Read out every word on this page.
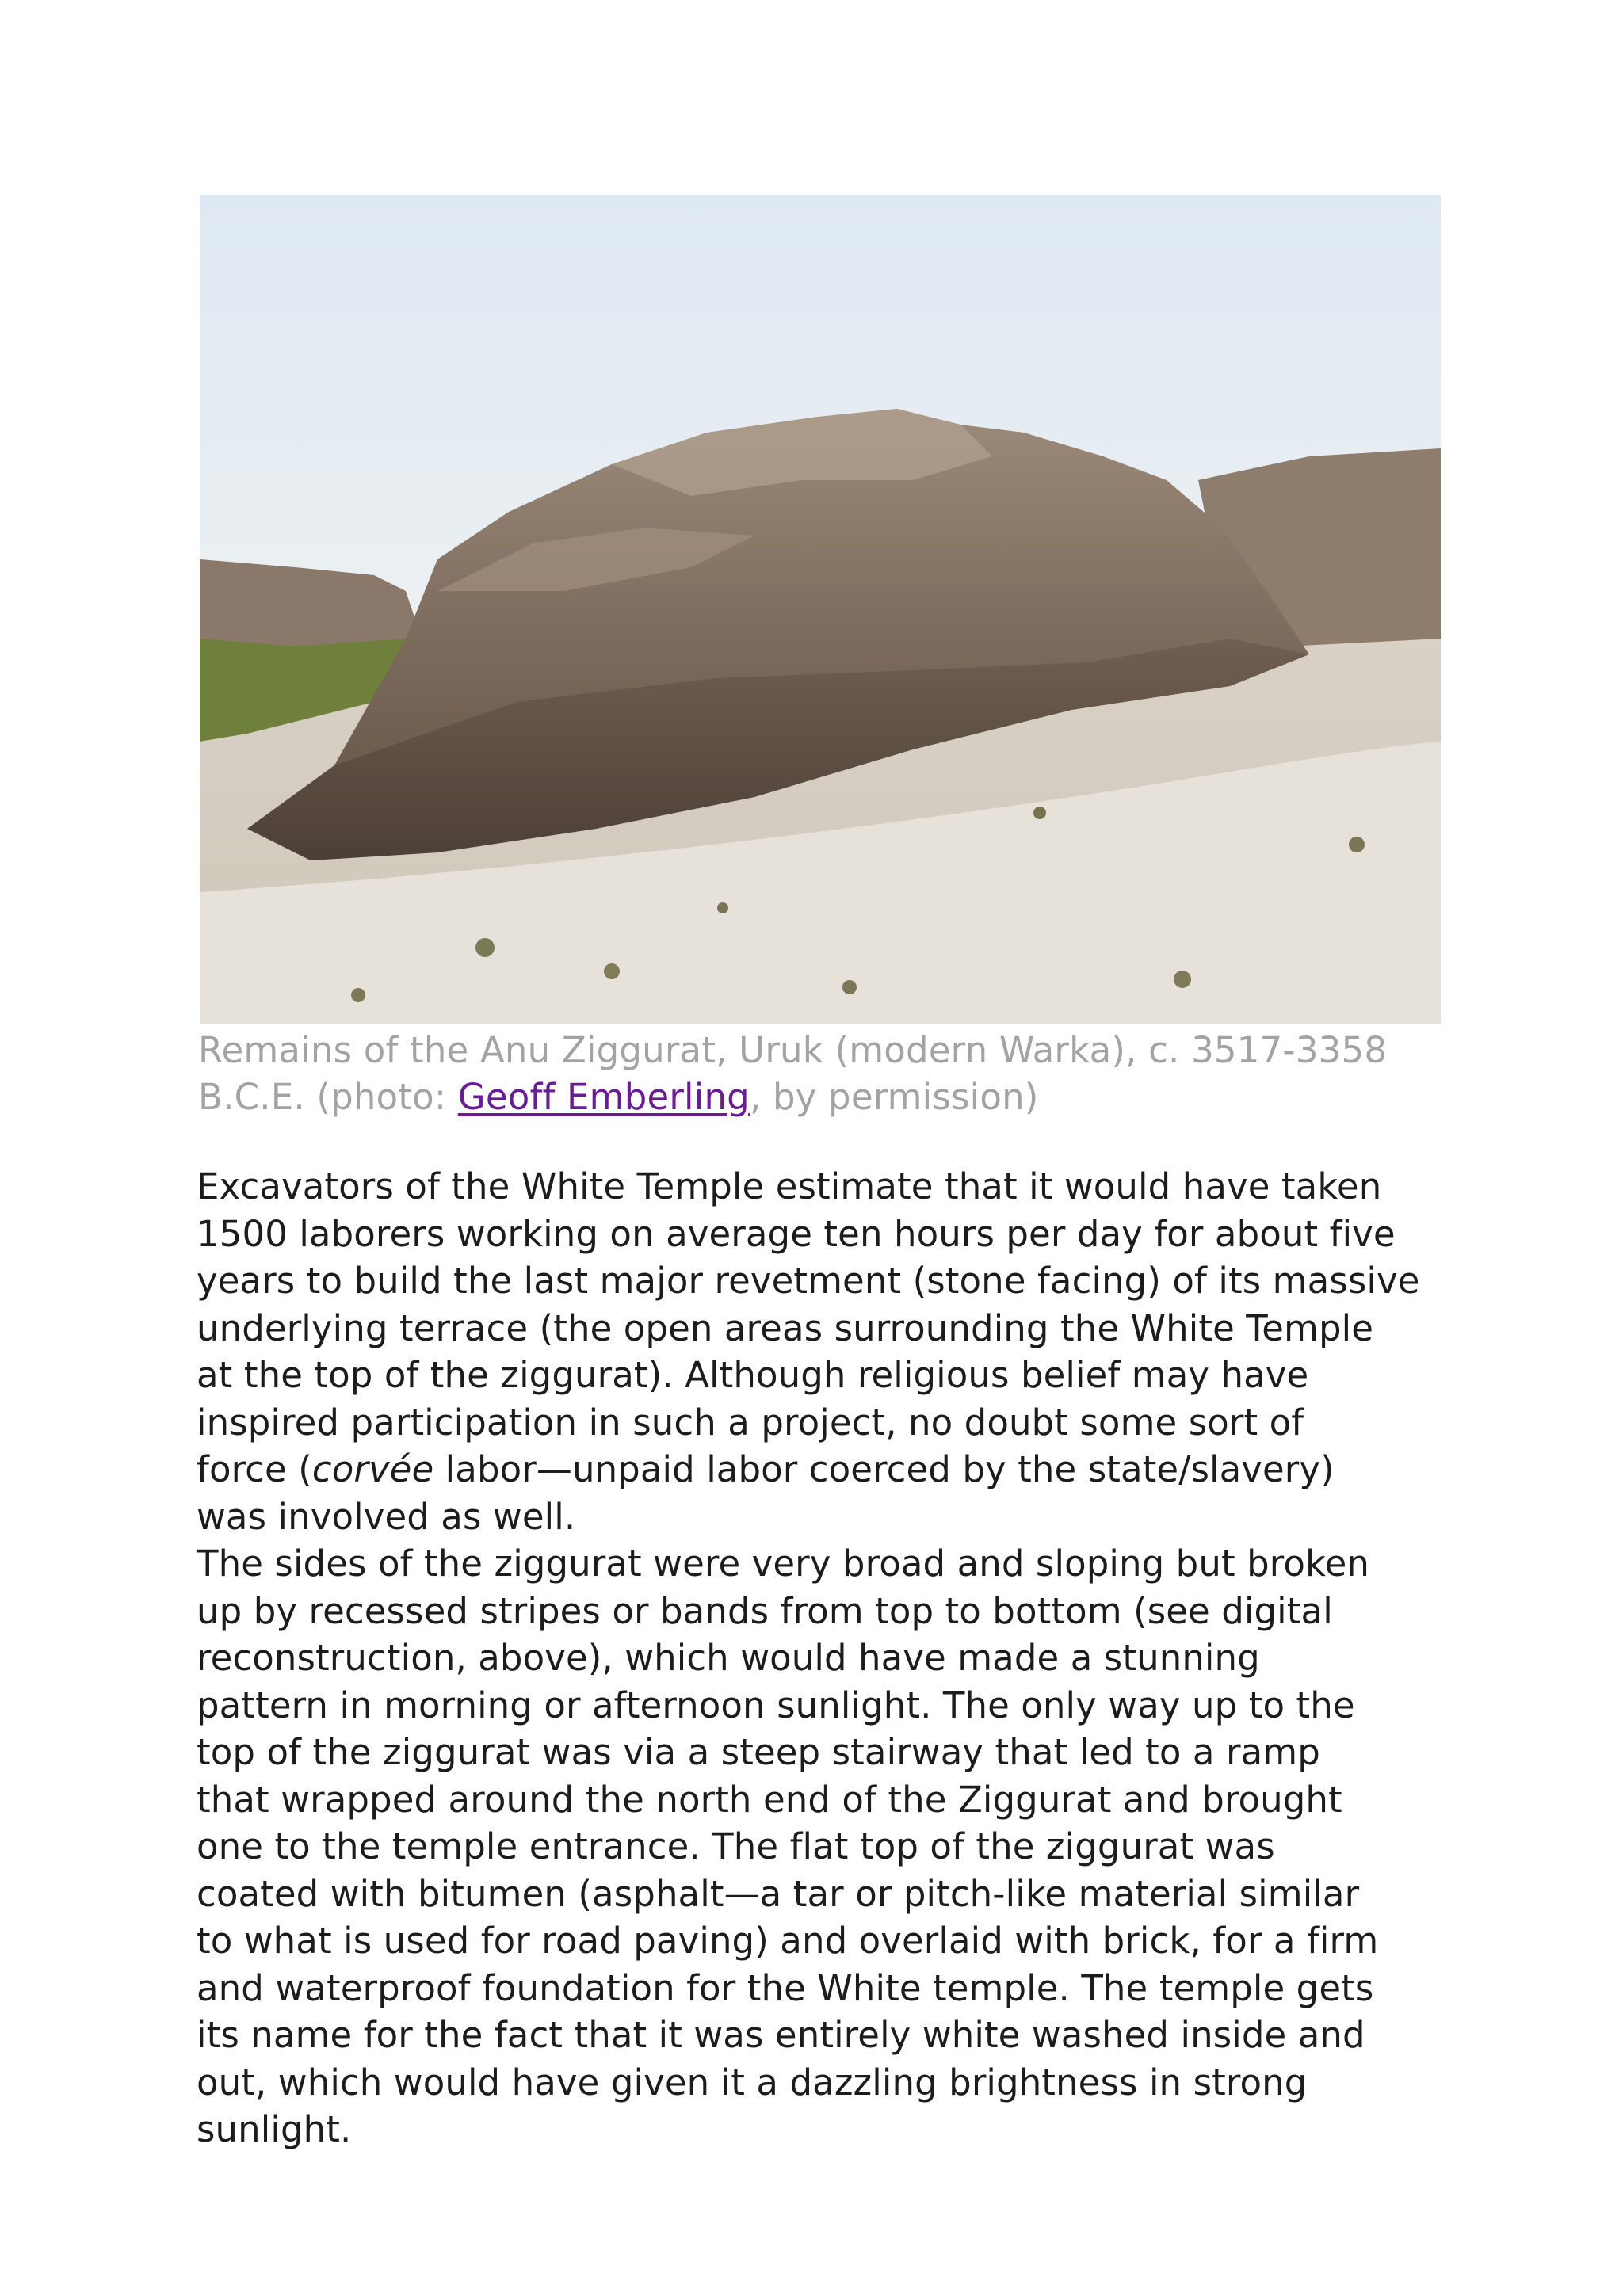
Remains of the Anu Ziggurat, Uruk (modern Warka), c. 3517-3358
B.C.E. (photo: Geoff Emberling, by permission)

Excavators of the White Temple estimate that it would have taken
1500 laborers working on average ten hours per day for about five
years to build the last major revetment (stone facing) of its massive
underlying terrace (the open areas surrounding the White Temple
at the top of the ziggurat). Although religious belief may have
inspired participation in such a project, no doubt some sort of
force (corvée labor—unpaid labor coerced by the state/slavery)
was involved as well.
The sides of the ziggurat were very broad and sloping but broken
up by recessed stripes or bands from top to bottom (see digital
reconstruction, above), which would have made a stunning
pattern in morning or afternoon sunlight. The only way up to the
top of the ziggurat was via a steep stairway that led to a ramp
that wrapped around the north end of the Ziggurat and brought
one to the temple entrance. The flat top of the ziggurat was
coated with bitumen (asphalt—a tar or pitch-like material similar
to what is used for road paving) and overlaid with brick, for a firm
and waterproof foundation for the White temple. The temple gets
its name for the fact that it was entirely white washed inside and
out, which would have given it a dazzling brightness in strong
sunlight.
